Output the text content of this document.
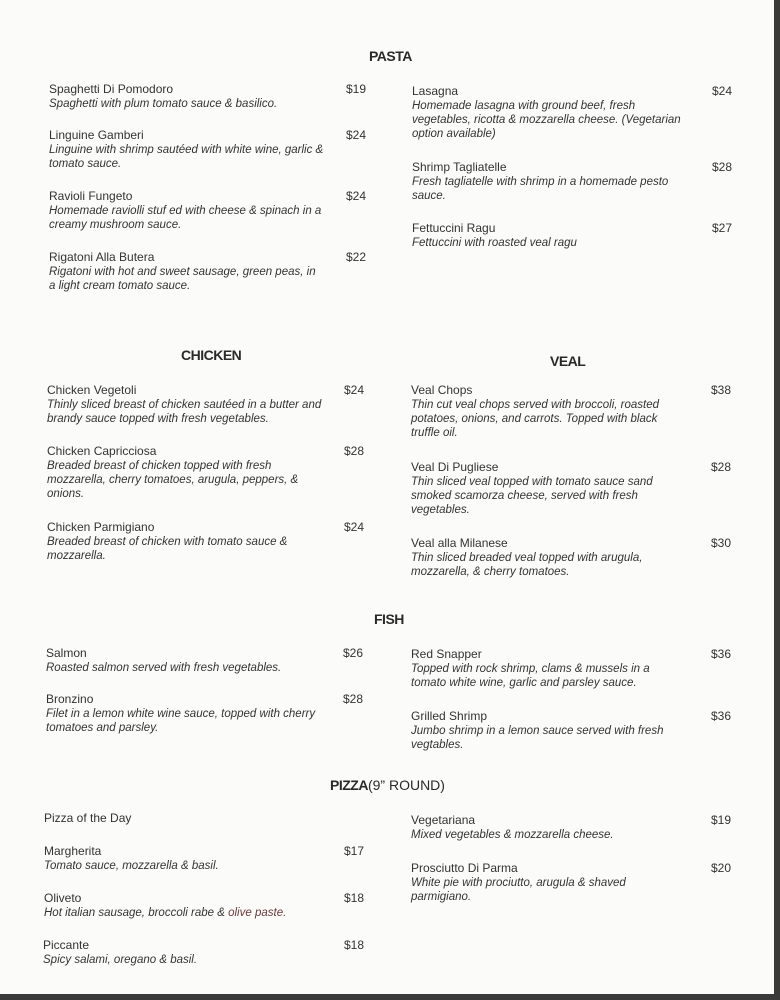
PASTA
Spaghetti Di Pomodoro	$19
Spaghetti with plum tomato sauce & basilico.
Linguine Gamberi	$24
Linguine with shrimp sautéed with white wine, garlic & tomato sauce.
Ravioli Fungeto	$24
Homemade raviolli stuf ed with cheese & spinach in a creamy mushroom sauce.
Rigatoni Alla Butera	$22
Rigatoni with hot and sweet sausage, green peas, in a light cream tomato sauce.
Lasagna	$24
Homemade lasagna with ground beef, fresh vegetables, ricotta & mozzarella cheese. (Vegetarian option available)
Shrimp Tagliatelle	$28
Fresh tagliatelle with shrimp in a homemade pesto sauce.
Fettuccini Ragu	$27
Fettuccini with roasted veal ragu
CHICKEN
Chicken Vegetoli	$24
Thinly sliced breast of chicken sautéed in a butter and brandy sauce topped with fresh vegetables.
Chicken Capricciosa	$28
Breaded breast of chicken topped with fresh mozzarella, cherry tomatoes, arugula, peppers, & onions.
Chicken Parmigiano	$24
Breaded breast of chicken with tomato sauce & mozzarella.
VEAL
Veal Chops	$38
Thin cut veal chops served with broccoli, roasted potatoes, onions, and carrots. Topped with black truffle oil.
Veal Di Pugliese	$28
Thin sliced veal topped with tomato sauce sand smoked scamorza cheese, served with fresh vegetables.
Veal alla Milanese	$30
Thin sliced breaded veal topped with arugula, mozzarella, & cherry tomatoes.
FISH
Salmon	$26
Roasted salmon served with fresh vegetables.
Bronzino	$28
Filet in a lemon white wine sauce, topped with cherry tomatoes and parsley.
Red Snapper	$36
Topped with rock shrimp, clams & mussels in a tomato white wine, garlic and parsley sauce.
Grilled Shrimp	$36
Jumbo shrimp in a lemon sauce served with fresh vegtables.
PIZZA(9” ROUND)
Pizza of the Day
Margherita	$17
Tomato sauce, mozzarella & basil.
Oliveto	$18
Hot italian sausage, broccoli rabe & olive paste.
Piccante	$18
Spicy salami, oregano & basil.
Vegetariana	$19
Mixed vegetables & mozzarella cheese.
Prosciutto Di Parma	$20
White pie with prociutto, arugula & shaved parmigiano.
